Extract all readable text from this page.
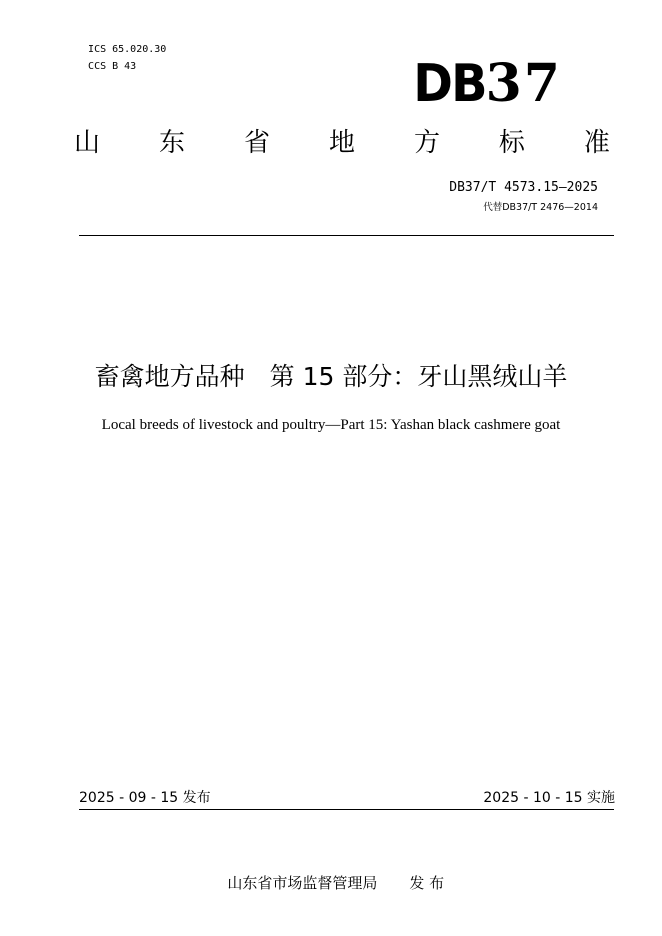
ICS 65.020.30

CCS B 43	DB37
山 东 省 地 方 标 准
DB37/T 4573.15—2025
代替DB37/T 2476—2014
畜禽地方品种　第 15 部分：牙山黑绒山羊
Local breeds of livestock and poultry—Part 15: Yashan black cashmere goat
2025 - 09 - 15 发布	2025 - 10 - 15 实施

山东省市场监督管理局 发 布
